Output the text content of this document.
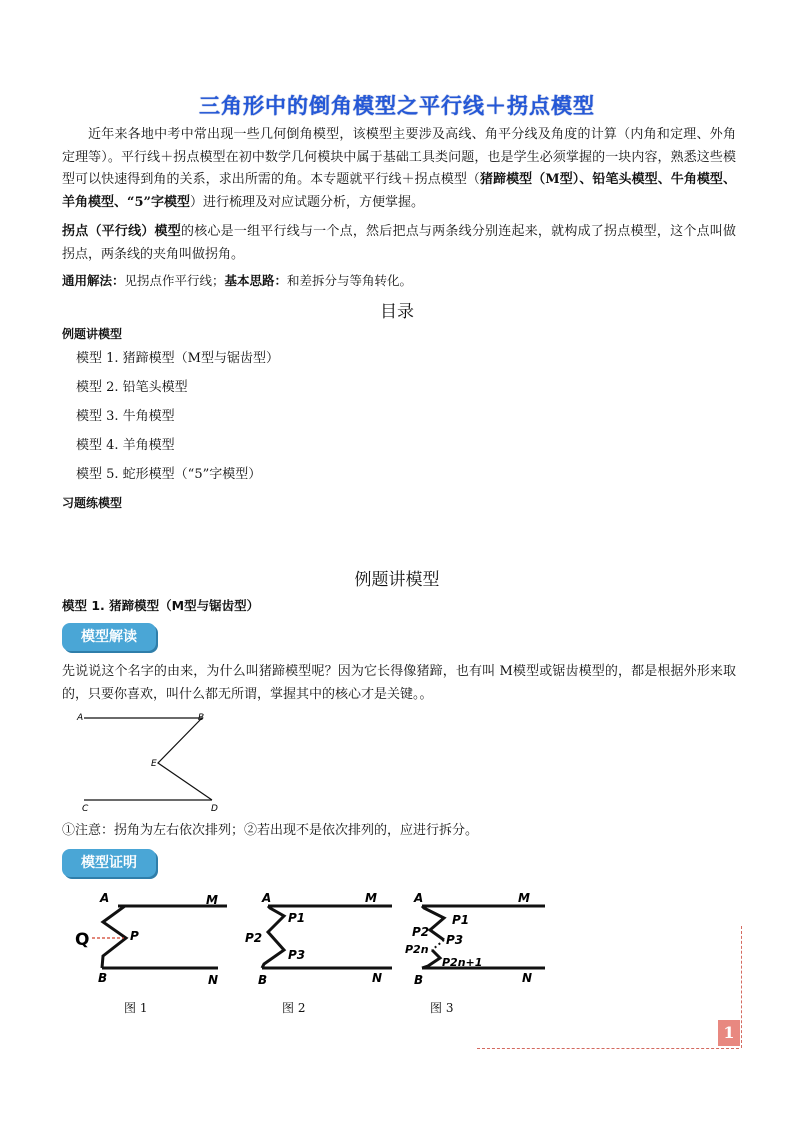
三角形中的倒角模型之平行线＋拐点模型
近年来各地中考中常出现一些几何倒角模型，该模型主要涉及高线、角平分线及角度的计算（内角和定理、外角定理等）。平行线＋拐点模型在初中数学几何模块中属于基础工具类问题，也是学生必须掌握的一块内容，熟悉这些模型可以快速得到角的关系，求出所需的角。本专题就平行线＋拐点模型（猪蹄模型（M型）、铅笔头模型、牛角模型、羊角模型、“5”字模型）进行梳理及对应试题分析，方便掌握。
拐点（平行线）模型的核心是一组平行线与一个点，然后把点与两条线分别连起来，就构成了拐点模型，这个点叫做拐点，两条线的夹角叫做拐角。
通用解法：见拐点作平行线；基本思路：和差拆分与等角转化。
目录
例题讲模型
模型 1. 猪蹄模型（M型与锯齿型）
模型 2. 铅笔头模型
模型 3. 牛角模型
模型 4. 羊角模型
模型 5. 蛇形模型（“5”字模型）
习题练模型
例题讲模型
模型 1. 猪蹄模型（M型与锯齿型）
模型解读
先说说这个名字的由来，为什么叫猪蹄模型呢？因为它长得像猪蹄，也有叫 M模型或锯齿模型的，都是根据外形来取的，只要你喜欢，叫什么都无所谓，掌握其中的核心才是关键。。
A	B
E
C	D
①注意：拐角为左右依次排列；②若出现不是依次排列的，应进行拆分。
模型证明
A	M
Q	P
B	N
图 1
A	M
P1
P2
P3
B	N
图 2
A	M
P1
P2
P3
P2n
P2n+1
B	N
图 3
1
